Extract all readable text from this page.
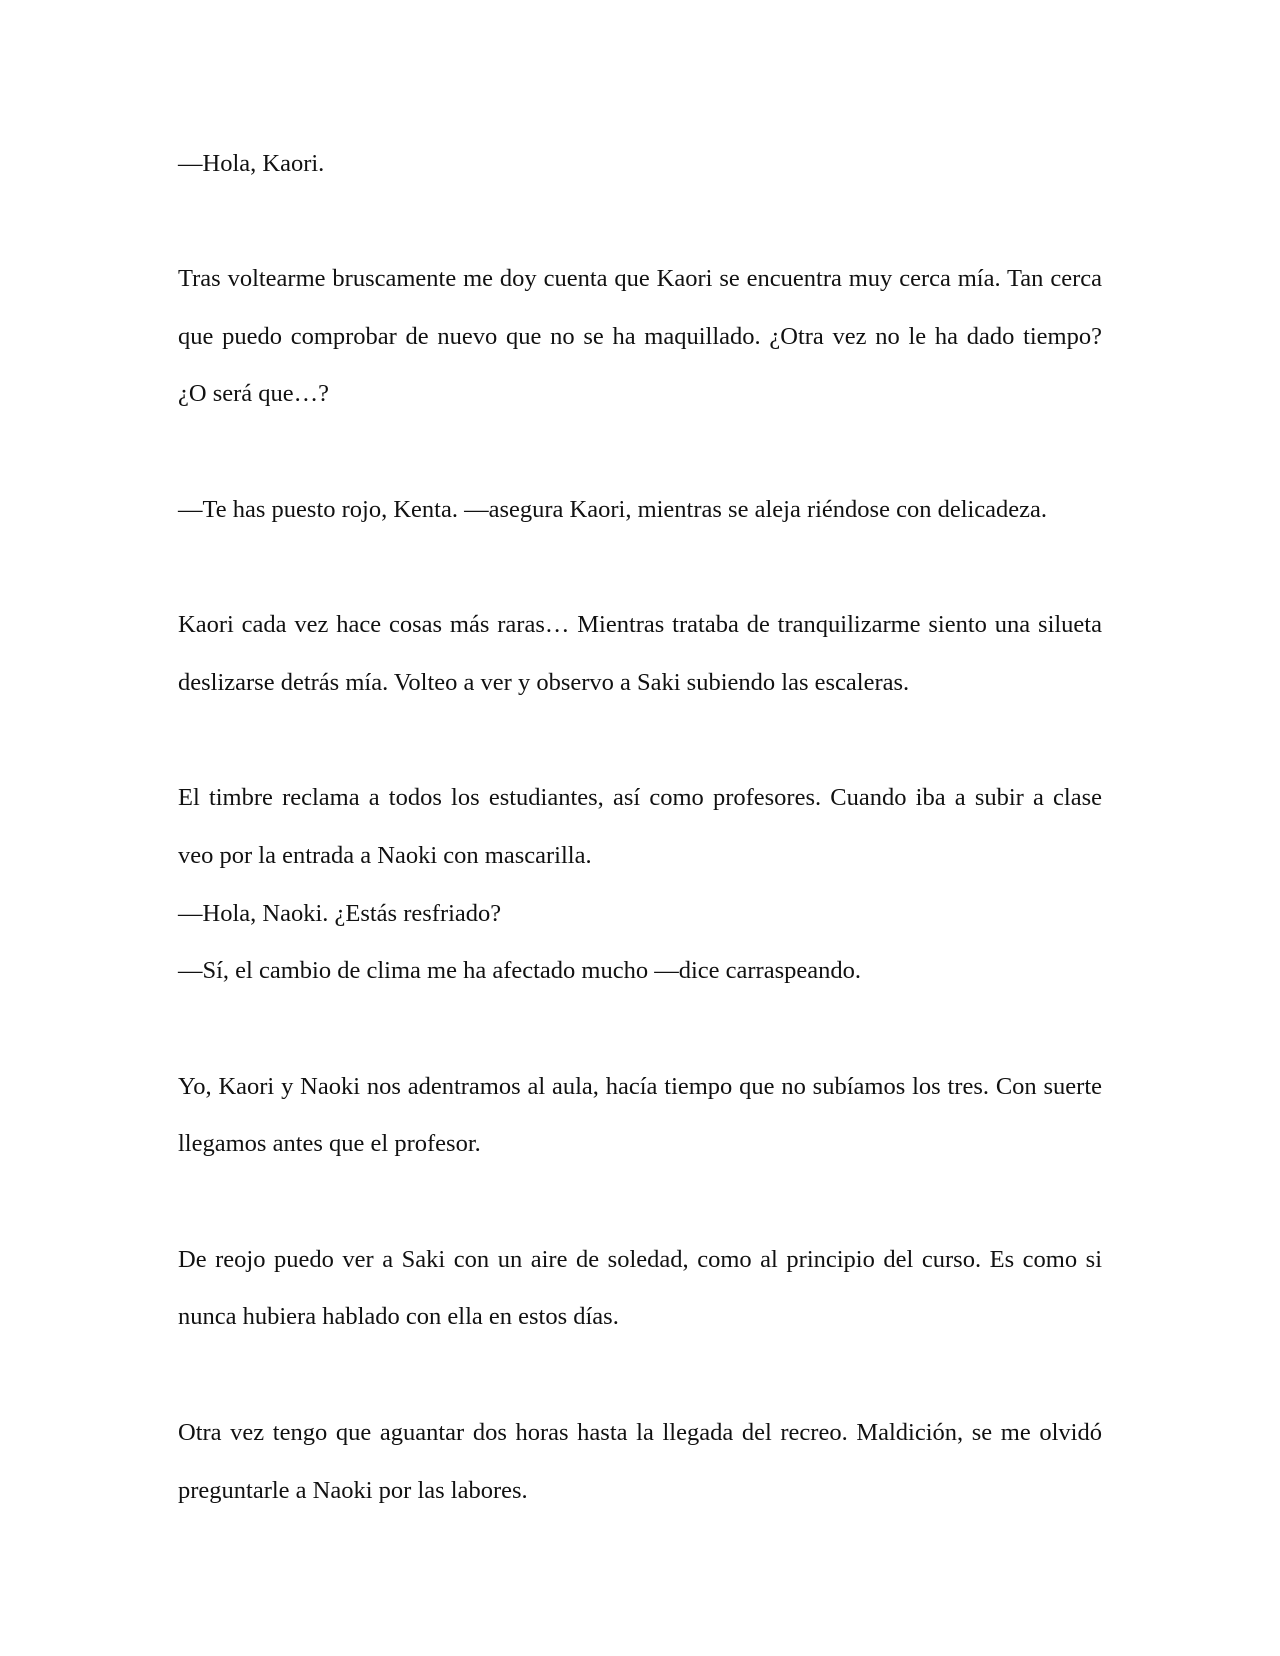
—Hola, Kaori.

Tras voltearme bruscamente me doy cuenta que Kaori se encuentra muy cerca mía. Tan cerca

que puedo comprobar de nuevo que no se ha maquillado. ¿Otra vez no le ha dado tiempo?

¿O será que…?

—Te has puesto rojo, Kenta. —asegura Kaori, mientras se aleja riéndose con delicadeza.

Kaori cada vez hace cosas más raras… Mientras trataba de tranquilizarme siento una silueta

deslizarse detrás mía. Volteo a ver y observo a Saki subiendo las escaleras.

El timbre reclama a todos los estudiantes, así como profesores. Cuando iba a subir a clase

veo por la entrada a Naoki con mascarilla.

—Hola, Naoki. ¿Estás resfriado?

—Sí, el cambio de clima me ha afectado mucho —dice carraspeando.

Yo, Kaori y Naoki nos adentramos al aula, hacía tiempo que no subíamos los tres. Con suerte

llegamos antes que el profesor.

De reojo puedo ver a Saki con un aire de soledad, como al principio del curso. Es como si

nunca hubiera hablado con ella en estos días.

Otra vez tengo que aguantar dos horas hasta la llegada del recreo. Maldición, se me olvidó

preguntarle a Naoki por las labores.
